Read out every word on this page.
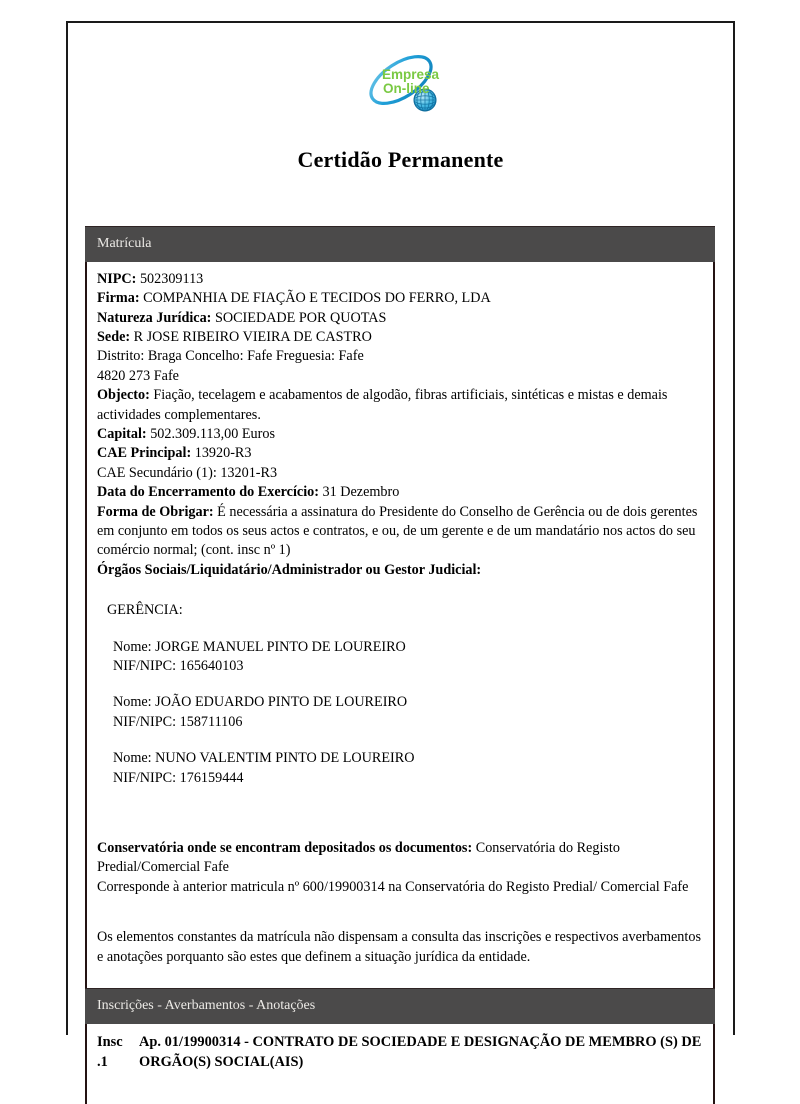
Empresa
On-line
Certidão Permanente
Matrícula

NIPC: 502309113

Firma: COMPANHIA DE FIAÇÃO E TECIDOS DO FERRO, LDA

Natureza Jurídica: SOCIEDADE POR QUOTAS

Sede: R JOSE RIBEIRO VIEIRA DE CASTRO

Distrito: Braga Concelho: Fafe Freguesia: Fafe

4820 273 Fafe

Objecto: Fiação, tecelagem e acabamentos de algodão, fibras artificiais, sintéticas e mistas e demais actividades complementares.

Capital: 502.309.113,00 Euros

CAE Principal: 13920-R3

CAE Secundário (1): 13201-R3

Data do Encerramento do Exercício: 31 Dezembro

Forma de Obrigar: É necessária a assinatura do Presidente do Conselho de Gerência ou de dois gerentes em conjunto em todos os seus actos e contratos, e ou, de um gerente e de um mandatário nos actos do seu comércio normal; (cont. insc nº 1)

Órgãos Sociais/Liquidatário/Administrador ou Gestor Judicial:

GERÊNCIA:

Nome: JORGE MANUEL PINTO DE LOUREIRO

NIF/NIPC: 165640103

Nome: JOÃO EDUARDO PINTO DE LOUREIRO

NIF/NIPC: 158711106

Nome: NUNO VALENTIM PINTO DE LOUREIRO

NIF/NIPC: 176159444

Conservatória onde se encontram depositados os documentos: Conservatória do Registo Predial/Comercial Fafe

Corresponde à anterior matricula nº 600/19900314 na Conservatória do Registo Predial/ Comercial Fafe

Os elementos constantes da matrícula não dispensam a consulta das inscrições e respectivos averbamentos e anotações porquanto são estes que definem a situação jurídica da entidade.

Inscrições - Averbamentos - Anotações
Insc
.1
Ap. 01/19900314 - CONTRATO DE SOCIEDADE E DESIGNAÇÃO DE MEMBRO (S) DE ORGÃO(S) SOCIAL(AIS)
